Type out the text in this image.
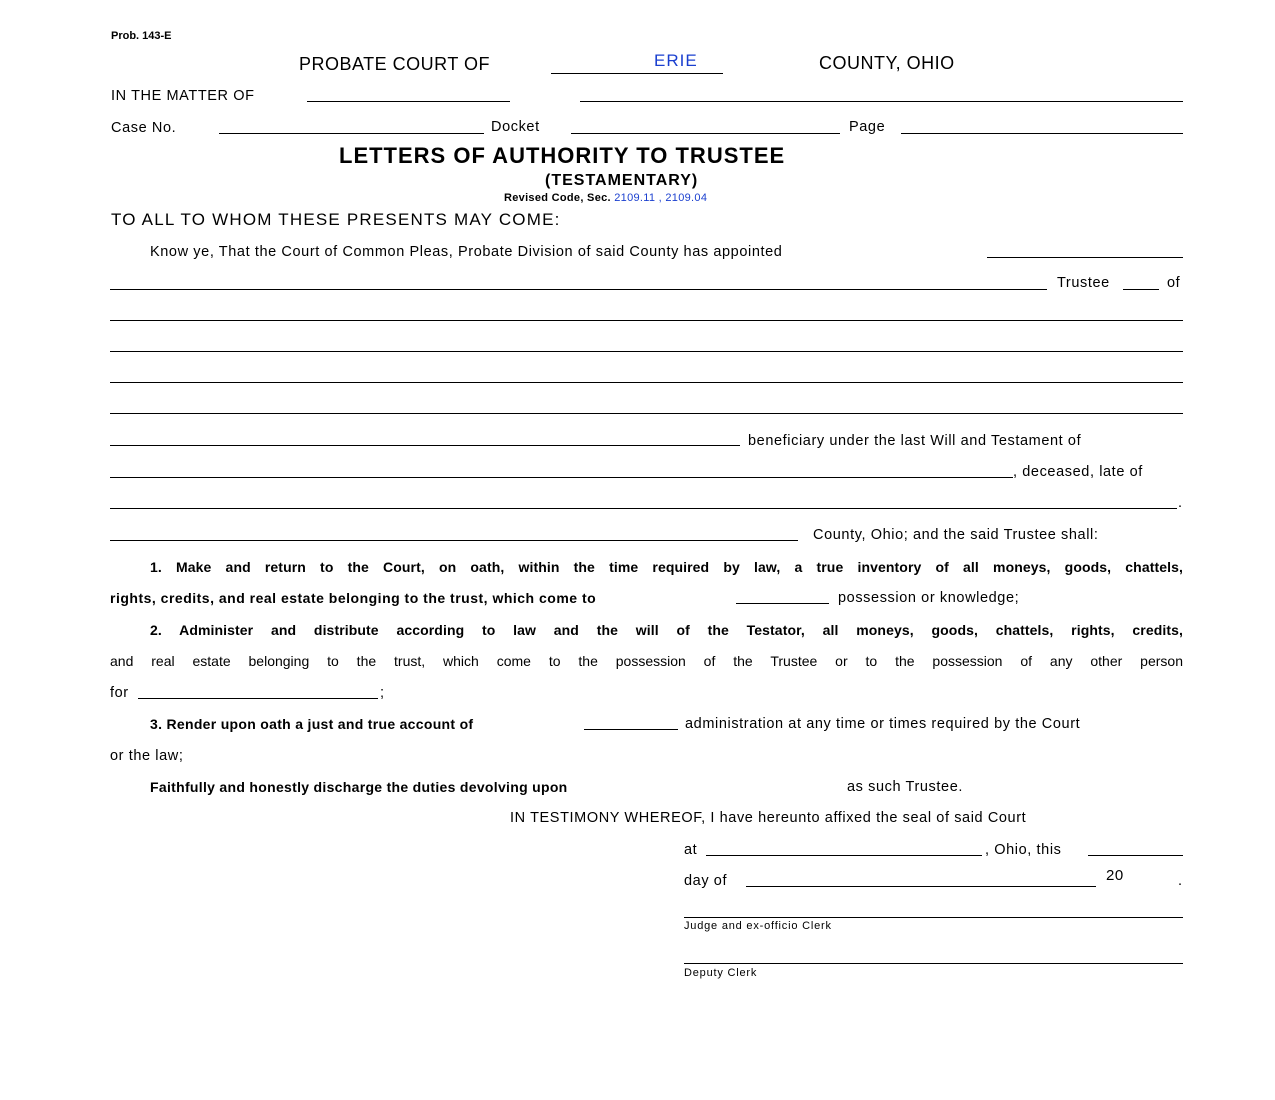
Prob. 143-E
PROBATE COURT OF	ERIE	COUNTY, OHIO
IN THE MATTER OF
Case No.	Docket	Page
LETTERS OF AUTHORITY TO TRUSTEE
(TESTAMENTARY)
Revised Code, Sec. 2109.11 , 2109.04
TO ALL TO WHOM THESE PRESENTS MAY COME:
Know ye, That the Court of Common Pleas, Probate Division of said County has appointed
Trustee	of
beneficiary under the last Will and Testament of
, deceased, late of
.
County, Ohio; and the said Trustee shall:
1. Make and return to the Court, on oath, within the time required by law, a true inventory of all moneys, goods, chattels,
rights, credits, and real estate belonging to the trust, which come to	possession or knowledge;
2. Administer and distribute according to law and the will of the Testator, all moneys, goods, chattels, rights, credits,
and real estate belonging to the trust, which come to the possession of the Trustee or to the possession of any other person
for	;
3. Render upon oath a just and true account of	administration at any time or times required by the Court
or the law;
Faithfully and honestly discharge the duties devolving upon	as such Trustee.
IN TESTIMONY WHEREOF, I have hereunto affixed the seal of said Court
at	, Ohio, this
day of	20	.
Judge and ex-officio Clerk
Deputy Clerk
